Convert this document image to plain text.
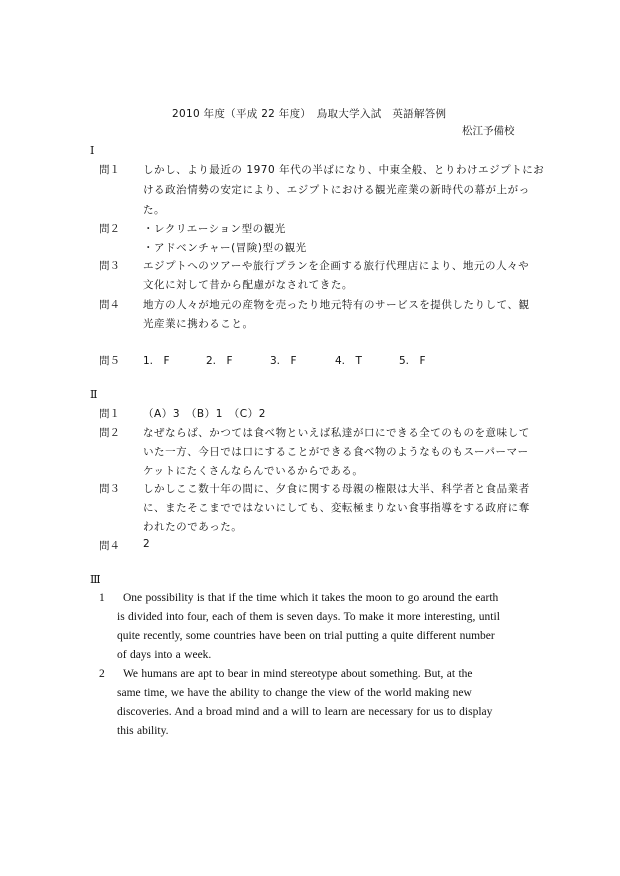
2010 年度（平成 22 年度）　鳥取大学入試　英語解答例
松江予備校
Ⅰ
問１ しかし、より最近の 1970 年代の半ばになり、中東全般、とりわけエジプトにお
ける政治情勢の安定により、エジプトにおける観光産業の新時代の幕が上がっ
た。
問２ ・レクリエーション型の観光
・アドベンチャー(冒険)型の観光
問３ エジプトへのツアーや旅行プランを企画する旅行代理店により、地元の人々や
文化に対して昔から配慮がなされてきた。
問４ 地方の人々が地元の産物を売ったり地元特有のサービスを提供したりして、観
光産業に携わること。
問５ 1.　F	2.　F	3.　F	4.　T	5.　F
Ⅱ
問１ （A）3　（B）1　（C）2
問２ なぜならば、かつては食べ物といえば私達が口にできる全てのものを意味して
いた一方、今日では口にすることができる食べ物のようなものもスーパーマー
ケットにたくさんならんでいるからである。
問３ しかしここ数十年の間に、夕食に関する母親の権限は大半、科学者と食品業者
に、またそこまでではないにしても、変転極まりない食事指導をする政府に奪
われたのであった。
問４ 2
Ⅲ
1 One possibility is that if the time which it takes the moon to go around the earth
is divided into four, each of them is seven days. To make it more interesting, until
quite recently, some countries have been on trial putting a quite different number
of days into a week.
2 We humans are apt to bear in mind stereotype about something. But, at the
same time, we have the ability to change the view of the world making new
discoveries. And a broad mind and a will to learn are necessary for us to display
this ability.
